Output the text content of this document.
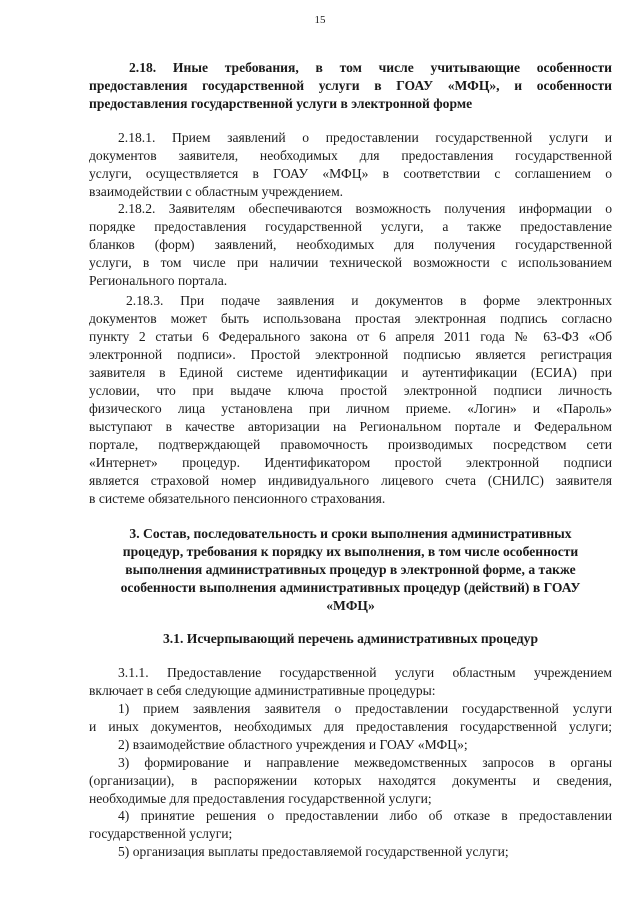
15
2.18. Иные требования, в том числе учитывающие особенности
предоставления государственной услуги в ГОАУ «МФЦ», и особенности
предоставления государственной услуги в электронной форме
2.18.1. Прием заявлений о предоставлении государственной услуги и
документов заявителя, необходимых для предоставления государственной
услуги, осуществляется в ГОАУ «МФЦ» в соответствии с соглашением о
взаимодействии с областным учреждением.
2.18.2. Заявителям обеспечиваются возможность получения информации о
порядке предоставления государственной услуги, а также предоставление
бланков (форм) заявлений, необходимых для получения государственной
услуги, в том числе при наличии технической возможности с использованием
Регионального портала.
2.18.3. При подаче заявления и документов в форме электронных
документов может быть использована простая электронная подпись согласно
пункту 2 статьи 6 Федерального закона от 6 апреля 2011 года № 63-ФЗ «Об
электронной подписи». Простой электронной подписью является регистрация
заявителя в Единой системе идентификации и аутентификации (ЕСИА) при
условии, что при выдаче ключа простой электронной подписи личность
физического лица установлена при личном приеме. «Логин» и «Пароль»
выступают в качестве авторизации на Региональном портале и Федеральном
портале, подтверждающей правомочность производимых посредством сети
«Интернет» процедур. Идентификатором простой электронной подписи
является страховой номер индивидуального лицевого счета (СНИЛС) заявителя
в системе обязательного пенсионного страхования.
3. Состав, последовательность и сроки выполнения административных
процедур, требования к порядку их выполнения, в том числе особенности
выполнения административных процедур в электронной форме, а также
особенности выполнения административных процедур (действий) в ГОАУ
«МФЦ»
3.1. Исчерпывающий перечень административных процедур
3.1.1. Предоставление государственной услуги областным учреждением
включает в себя следующие административные процедуры:
1) прием заявления заявителя о предоставлении государственной услуги
и иных документов, необходимых для предоставления государственной услуги;
2) взаимодействие областного учреждения и ГОАУ «МФЦ»;
3) формирование и направление межведомственных запросов в органы
(организации), в распоряжении которых находятся документы и сведения,
необходимые для предоставления государственной услуги;
4) принятие решения о предоставлении либо об отказе в предоставлении
государственной услуги;
5) организация выплаты предоставляемой государственной услуги;
